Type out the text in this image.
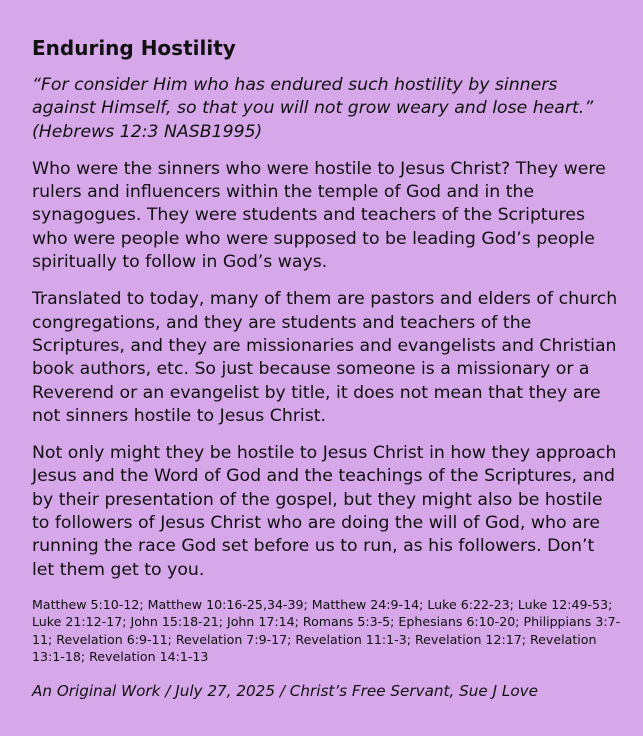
Enduring Hostility
“For consider Him who has endured such hostility by sinners against Himself, so that you will not grow weary and lose heart.” (Hebrews 12:3 NASB1995)
Who were the sinners who were hostile to Jesus Christ? They were rulers and influencers within the temple of God and in the synagogues. They were students and teachers of the Scriptures who were people who were supposed to be leading God’s people spiritually to follow in God’s ways.
Translated to today, many of them are pastors and elders of church congregations, and they are students and teachers of the Scriptures, and they are missionaries and evangelists and Christian book authors, etc. So just because someone is a missionary or a Reverend or an evangelist by title, it does not mean that they are not sinners hostile to Jesus Christ.
Not only might they be hostile to Jesus Christ in how they approach Jesus and the Word of God and the teachings of the Scriptures, and by their presentation of the gospel, but they might also be hostile to followers of Jesus Christ who are doing the will of God, who are running the race God set before us to run, as his followers. Don’t let them get to you.
Matthew 5:10-12; Matthew 10:16-25,34-39; Matthew 24:9-14; Luke 6:22-23; Luke 12:49-53; Luke 21:12-17; John 15:18-21; John 17:14; Romans 5:3-5; Ephesians 6:10-20; Philippians 3:7-11; Revelation 6:9-11; Revelation 7:9-17; Revelation 11:1-3; Revelation 12:17; Revelation 13:1-18; Revelation 14:1-13
An Original Work / July 27, 2025 / Christ’s Free Servant, Sue J Love
